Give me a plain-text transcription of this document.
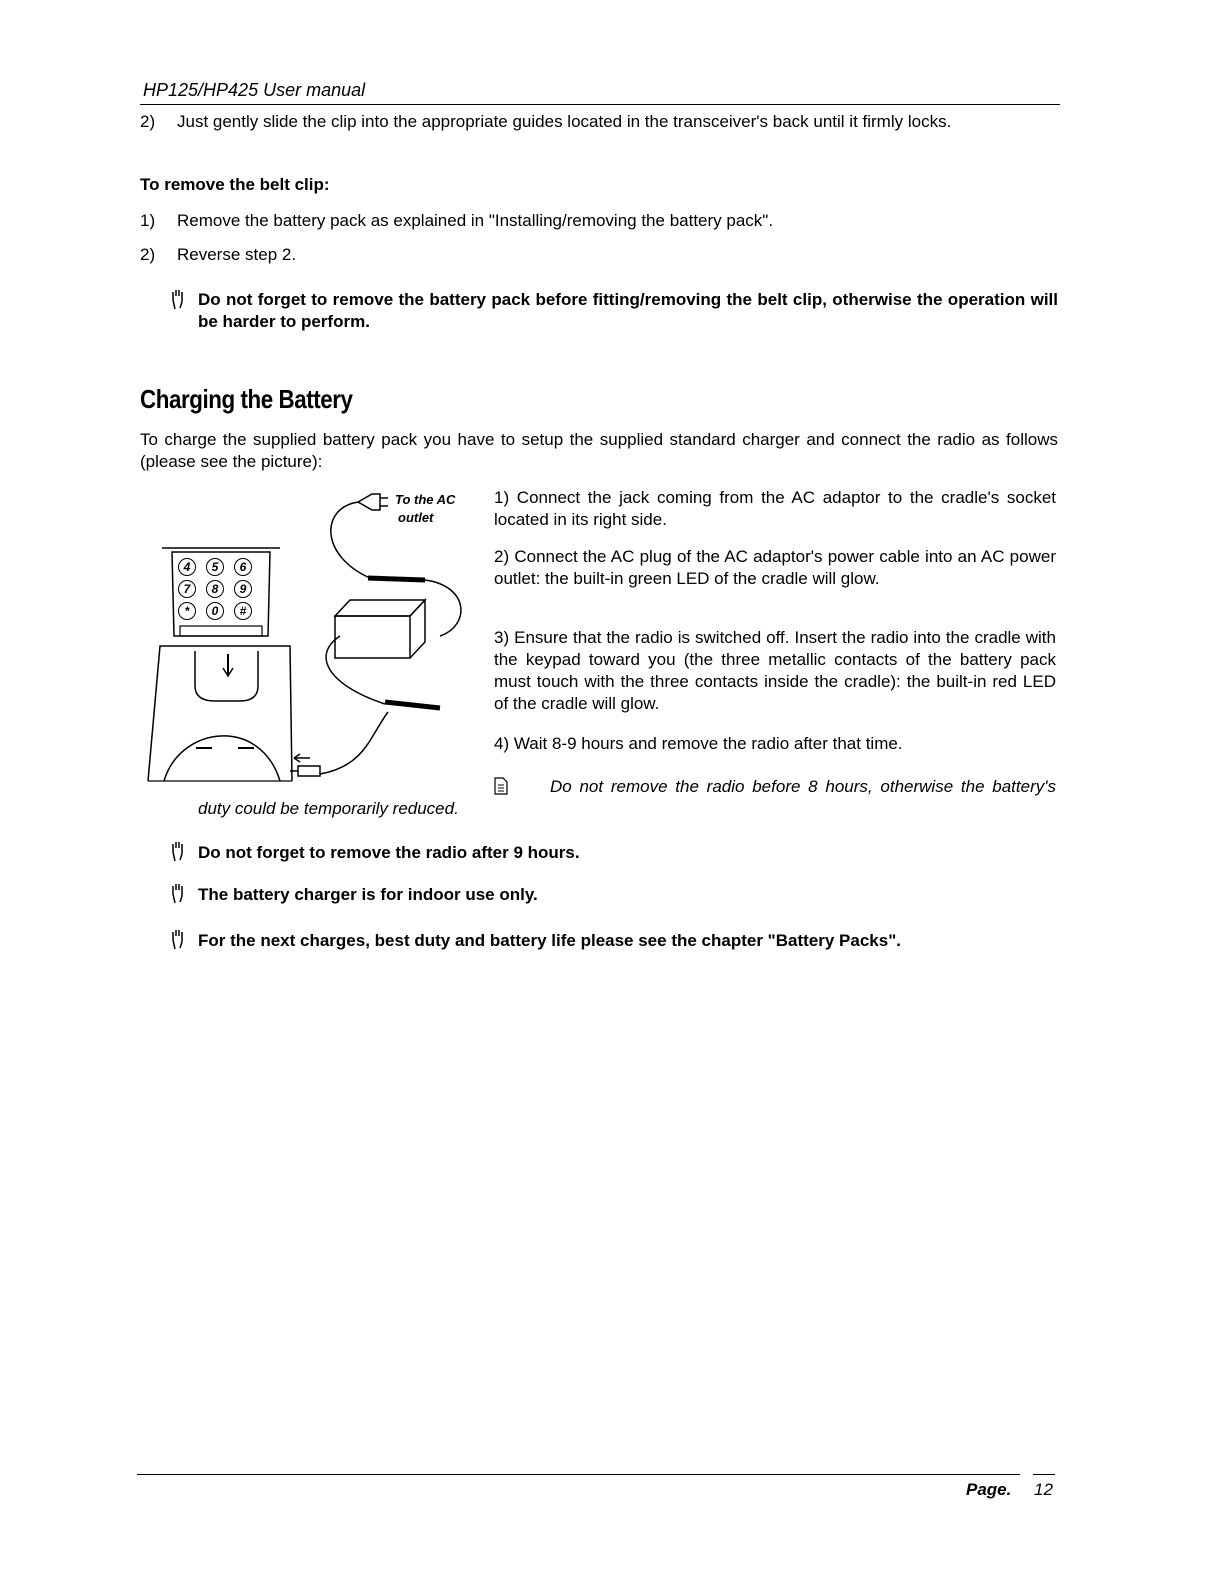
HP125/HP425 User manual
2) Just gently slide the clip into the appropriate guides located in the transceiver's back until it firmly locks.
To remove the belt clip:
1) Remove the battery pack as explained in "Installing/removing the battery pack".
2) Reverse step 2.
Do not forget to remove the battery pack before fitting/removing the belt clip, otherwise the operation will be harder to perform.
Charging the Battery
To charge the supplied battery pack you have to setup the supplied standard charger and connect the radio as follows (please see the picture):
To the AC
outlet
4	5	6
7	8	9
*	0	#
1) Connect the jack coming from the AC adaptor to the cradle's socket located in its right side.
2) Connect the AC plug of the AC adaptor's power cable into an AC power outlet: the built-in green LED of the cradle will glow.
3) Ensure that the radio is switched off. Insert the radio into the cradle with the keypad toward you (the three metallic contacts of the battery pack must touch with the three contacts inside the cradle): the built-in red LED of the cradle will glow.
4) Wait 8-9 hours and remove the radio after that time.
Do not remove the radio before 8 hours, otherwise the battery's duty could be temporarily reduced.
Do not forget to remove the radio after 9 hours.
The battery charger is for indoor use only.
For the next charges, best duty and battery life please see the chapter "Battery Packs".
Page. 12
